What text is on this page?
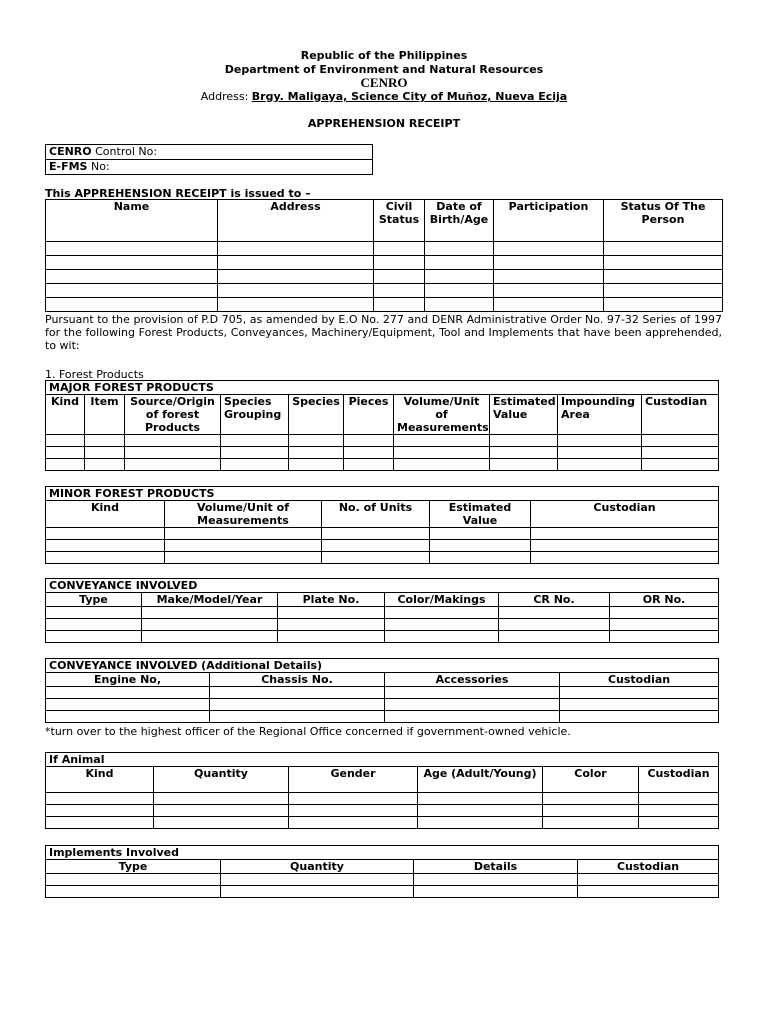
Republic of the Philippines
Department of Environment and Natural Resources
CENRO
Address: Brgy. Maligaya, Science City of Muñoz, Nueva Ecija
APPREHENSION RECEIPT
CENRO Control No:
E-FMS No:
This APPREHENSION RECEIPT is issued to –
Name	Address	Civil Status	Date of Birth/Age	Participation	Status Of The Person

Pursuant to the provision of P.D 705, as amended by E.O No. 277 and DENR Administrative Order No. 97-32 Series of 1997 for the following Forest Products, Conveyances, Machinery/Equipment, Tool and Implements that have been apprehended, to wit:
1. Forest Products
MAJOR FOREST PRODUCTS									
Kind	Item	Source/Origin of forest Products	Species Grouping	Species	Pieces	Volume/Unit of Measurements	Estimated Value	Impounding Area	Custodian

MINOR FOREST PRODUCTS				
Kind	Volume/Unit of Measurements	No. of Units	Estimated Value	Custodian

CONVEYANCE INVOLVED					
Type	Make/Model/Year	Plate No.	Color/Makings	CR No.	OR No.

CONVEYANCE INVOLVED (Additional Details)			
Engine No,	Chassis No.	Accessories	Custodian

*turn over to the highest officer of the Regional Office concerned if government-owned vehicle.
If Animal					
Kind	Quantity	Gender	Age (Adult/Young)	Color	Custodian

Implements Involved			
Type	Quantity	Details	Custodian
